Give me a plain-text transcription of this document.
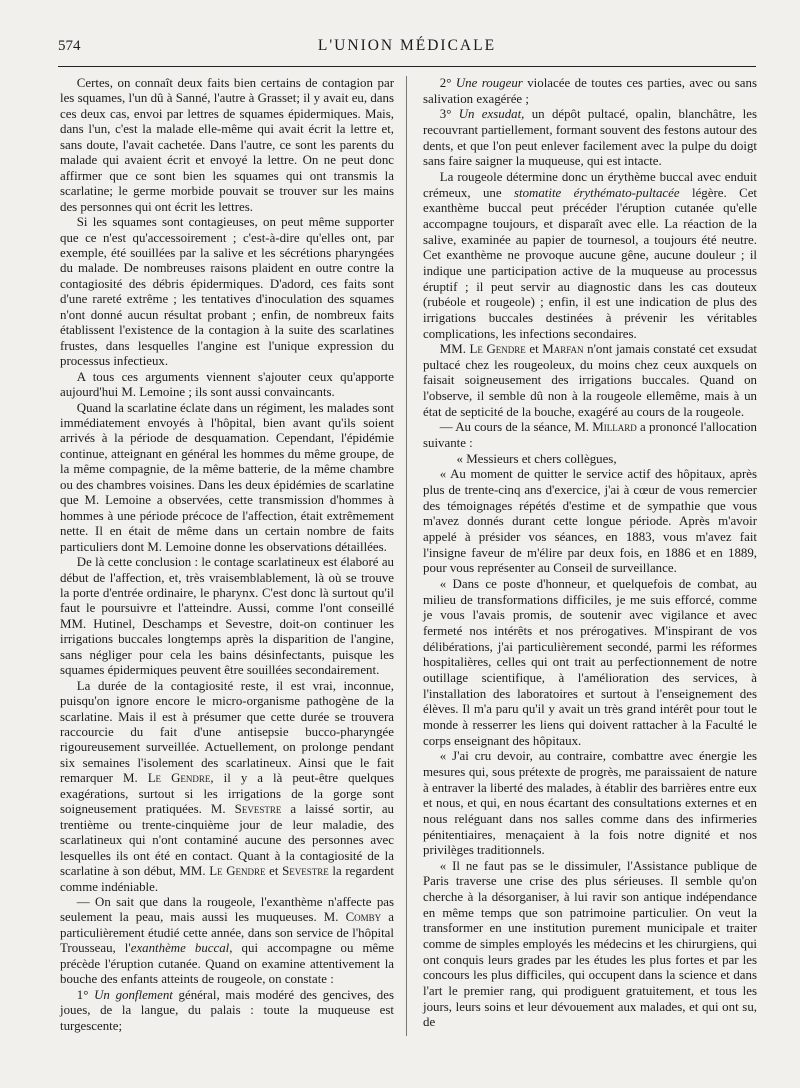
574	L'UNION MÉDICALE

Certes, on connaît deux faits bien certains de contagion par les squames, l'un dû à Sanné, l'autre à Grasset; il y avait eu, dans ces deux cas, envoi par lettres de squames épidermiques. Mais, dans l'un, c'est la malade elle-même qui avait écrit la lettre et, sans doute, l'avait cachetée. Dans l'autre, ce sont les parents du malade qui avaient écrit et envoyé la lettre. On ne peut donc affirmer que ce sont bien les squames qui ont transmis la scarlatine; le germe morbide pouvait se trouver sur les mains des personnes qui ont écrit les lettres.

Si les squames sont contagieuses, on peut même supporter que ce n'est qu'accessoirement ; c'est-à-dire qu'elles ont, par exemple, été souillées par la salive et les sécrétions pharyngées du malade. De nombreuses raisons plaident en outre contre la contagiosité des débris épidermiques. D'adord, ces faits sont d'une rareté extrême ; les tentatives d'inoculation des squames n'ont donné aucun résultat probant ; enfin, de nombreux faits établissent l'existence de la contagion à la suite des scarlatines frustes, dans lesquelles l'angine est l'unique expression du processus infectieux.

A tous ces arguments viennent s'ajouter ceux qu'apporte aujourd'hui M. Lemoine ; ils sont aussi convaincants.

Quand la scarlatine éclate dans un régiment, les malades sont immédiatement envoyés à l'hôpital, bien avant qu'ils soient arrivés à la période de desquamation. Cependant, l'épidémie continue, atteignant en général les hommes du même groupe, de la même compagnie, de la même batterie, de la même chambre ou des chambres voisines. Dans les deux épidémies de scarlatine que M. Lemoine a observées, cette transmission d'hommes à hommes à une période précoce de l'affection, était extrêmement nette. Il en était de même dans un certain nombre de faits particuliers dont M. Lemoine donne les observations détaillées.

De là cette conclusion : le contage scarlatineux est élaboré au début de l'affection, et, très vraisemblablement, là où se trouve la porte d'entrée ordinaire, le pharynx. C'est donc là surtout qu'il faut le poursuivre et l'atteindre. Aussi, comme l'ont conseillé MM. Hutinel, Deschamps et Sevestre, doit-on continuer les irrigations buccales longtemps après la disparition de l'angine, sans négliger pour cela les bains désinfectants, puisque les squames épidermiques peuvent être souillées secondairement.

La durée de la contagiosité reste, il est vrai, inconnue, puisqu'on ignore encore le micro-organisme pathogène de la scarlatine. Mais il est à présumer que cette durée se trouvera raccourcie du fait d'une antisepsie bucco-pharyngée rigoureusement surveillée. Actuellement, on prolonge pendant six semaines l'isolement des scarlatineux. Ainsi que le fait remarquer M. Le Gendre, il y a là peut-être quelques exagérations, surtout si les irrigations de la gorge sont soigneusement pratiquées. M. Sevestre a laissé sortir, au trentième ou trente-cinquième jour de leur maladie, des scarlatineux qui n'ont contaminé aucune des personnes avec lesquelles ils ont été en contact. Quant à la contagiosité de la scarlatine à son début, MM. Le Gendre et Sevestre la regardent comme indéniable.

— On sait que dans la rougeole, l'exanthème n'affecte pas seulement la peau, mais aussi les muqueuses. M. Comby a particulièrement étudié cette année, dans son service de l'hôpital Trousseau, l'exanthème buccal, qui accompagne ou même précède l'éruption cutanée. Quand on examine attentivement la bouche des enfants atteints de rougeole, on constate :

1° Un gonflement général, mais modéré des gencives, des joues, de la langue, du palais : toute la muqueuse est turgescente;

2° Une rougeur violacée de toutes ces parties, avec ou sans salivation exagérée ;

3° Un exsudat, un dépôt pultacé, opalin, blanchâtre, les recouvrant partiellement, formant souvent des festons autour des dents, et que l'on peut enlever facilement avec la pulpe du doigt sans faire saigner la muqueuse, qui est intacte.

La rougeole détermine donc un érythème buccal avec enduit crémeux, une stomatite érythémato-pultacée légère. Cet exanthème buccal peut précéder l'éruption cutanée qu'elle accompagne toujours, et disparaît avec elle. La réaction de la salive, examinée au papier de tournesol, a toujours été neutre. Cet exanthème ne provoque aucune gêne, aucune douleur ; il indique une participation active de la muqueuse au processus éruptif ; il peut servir au diagnostic dans les cas douteux (rubéole et rougeole) ; enfin, il est une indication de plus des irrigations buccales destinées à prévenir les véritables complications, les infections secondaires.

MM. Le Gendre et Marfan n'ont jamais constaté cet exsudat pultacé chez les rougeoleux, du moins chez ceux auxquels on faisait soigneusement des irrigations buccales. Quand on l'observe, il semble dû non à la rougeole ellemême, mais à un état de septicité de la bouche, exagéré au cours de la rougeole.

— Au cours de la séance, M. Millard a prononcé l'allocation suivante :

« Messieurs et chers collègues,

« Au moment de quitter le service actif des hôpitaux, après plus de trente-cinq ans d'exercice, j'ai à cœur de vous remercier des témoignages répétés d'estime et de sympathie que vous m'avez donnés durant cette longue période. Après m'avoir appelé à présider vos séances, en 1883, vous m'avez fait l'insigne faveur de m'élire par deux fois, en 1886 et en 1889, pour vous représenter au Conseil de surveillance.

« Dans ce poste d'honneur, et quelquefois de combat, au milieu de transformations difficiles, je me suis efforcé, comme je vous l'avais promis, de soutenir avec vigilance et avec fermeté nos intérêts et nos prérogatives. M'inspirant de vos délibérations, j'ai particulièrement secondé, parmi les réformes hospitalières, celles qui ont trait au perfectionnement de notre outillage scientifique, à l'amélioration des services, à l'installation des laboratoires et surtout à l'enseignement des élèves. Il m'a paru qu'il y avait un très grand intérêt pour tout le monde à resserrer les liens qui doivent rattacher à la Faculté le corps enseignant des hôpitaux.

« J'ai cru devoir, au contraire, combattre avec énergie les mesures qui, sous prétexte de progrès, me paraissaient de nature à entraver la liberté des malades, à établir des barrières entre eux et nous, et qui, en nous écartant des consultations externes et en nous reléguant dans nos salles comme dans des infirmeries pénitentiaires, menaçaient à la fois notre dignité et nos privilèges traditionnels.

« Il ne faut pas se le dissimuler, l'Assistance publique de Paris traverse une crise des plus sérieuses. Il semble qu'on cherche à la désorganiser, à lui ravir son antique indépendance en même temps que son patrimoine particulier. On veut la transformer en une institution purement municipale et traiter comme de simples employés les médecins et les chirurgiens, qui ont conquis leurs grades par les études les plus fortes et par les concours les plus difficiles, qui occupent dans la science et dans l'art le premier rang, qui prodiguent gratuitement, et tous les jours, leurs soins et leur dévouement aux malades, et qui ont su, de
